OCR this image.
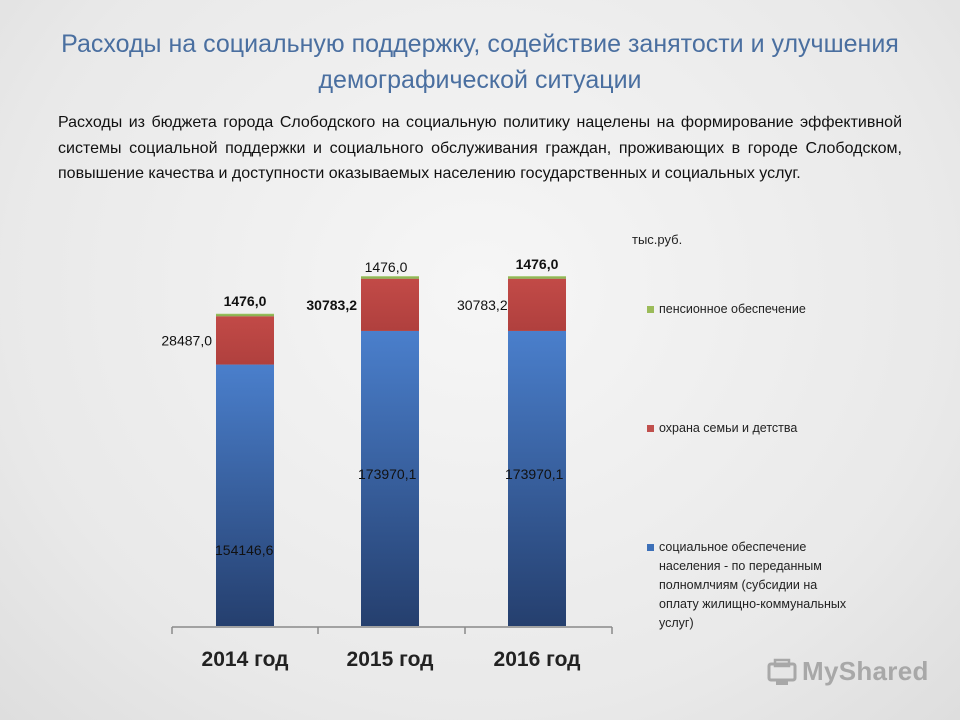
Расходы на социальную поддержку, содействие занятости и улучшения демографической ситуации
Расходы из бюджета города Слободского на социальную политику нацелены на формирование эффективной системы социальной поддержки и социального обслуживания граждан, проживающих в городе Слободском, повышение качества и доступности оказываемых населению государственных и социальных услуг.
тыс.руб.
2014 год	2015 год	2016 год
154146,6
28487,0
1476,0
173970,1
30783,2
1476,0
173970,1
30783,2
1476,0
пенсионное обеспечение
охрана семьи и детства
социальное обеспечение населения - по переданным полномлчиям (субсидии на оплату жилищно-коммунальных услуг)
MyShared
